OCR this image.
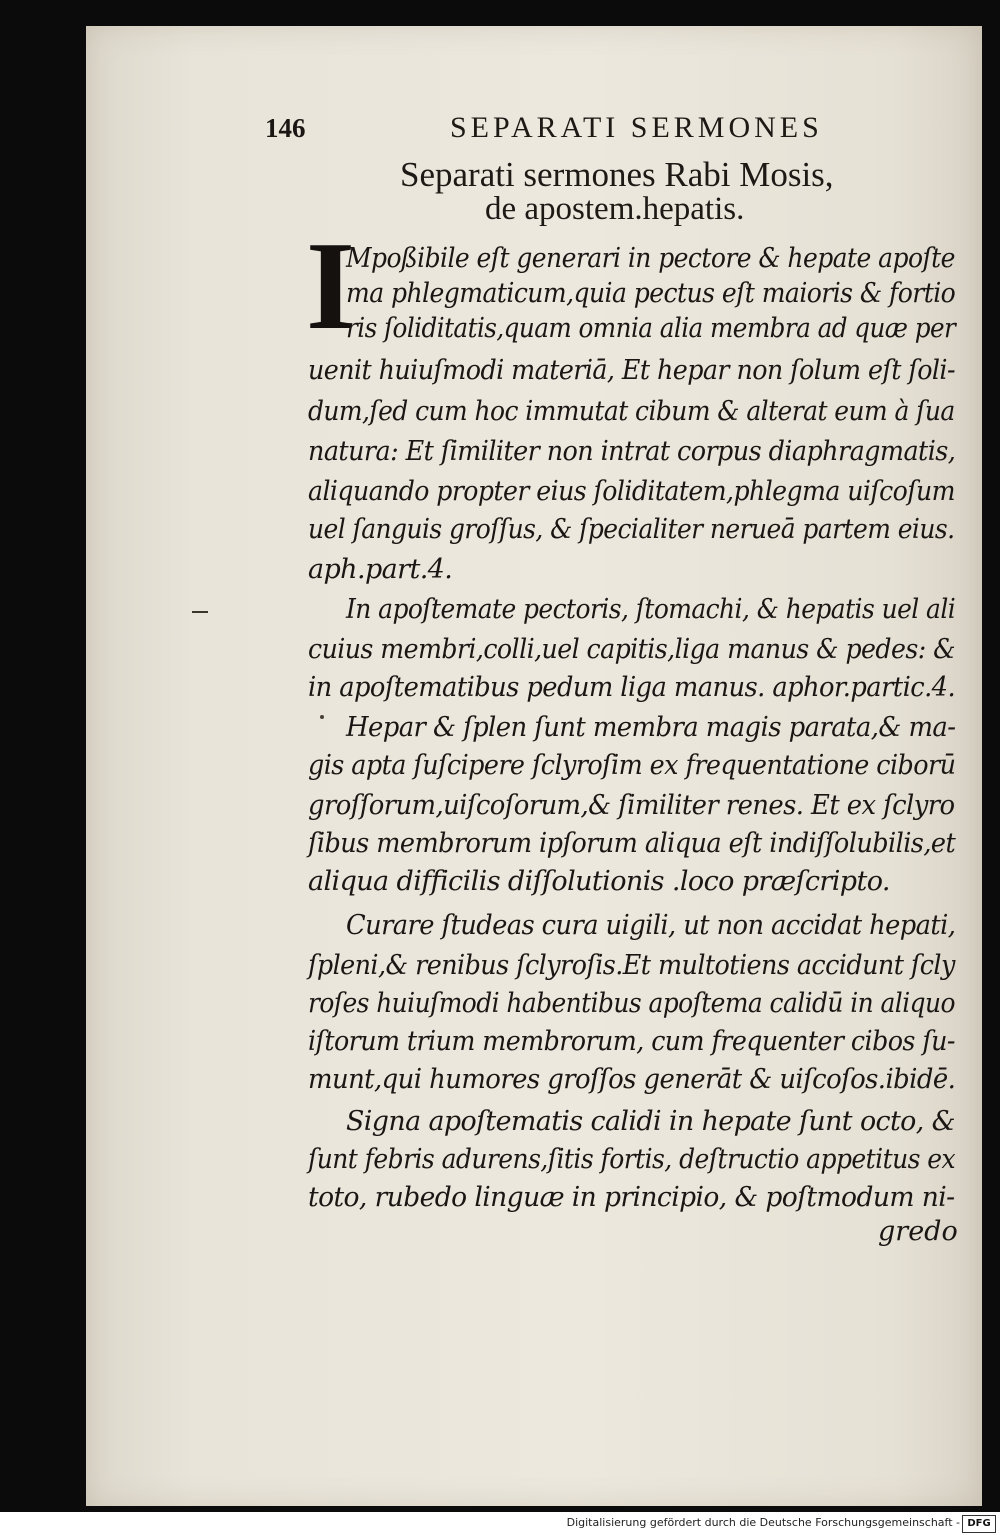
146	SEPARATI SERMONES
Separati sermones Rabi Mosis,
de apostem.hepatis.
I
Mpoßibile eſt generari in pectore & hepate apoſte
ma phlegmaticum,quia pectus eſt maioris & fortio
ris ſoliditatis,quam omnia alia membra ad quæ per
uenit huiuſmodi materiā, Et hepar non ſolum eſt ſoli-
dum,ſed cum hoc immutat cibum & alterat eum à ſua
natura: Et ſimiliter non intrat corpus diaphragmatis,
aliquando propter eius ſoliditatem,phlegma uiſcoſum
uel ſanguis groſſus, & ſpecialiter nerueā partem eius.
aph.part.4.
In apoſtemate pectoris, ſtomachi, & hepatis uel ali
cuius membri,colli,uel capitis,liga manus & pedes: &
in apoſtematibus pedum liga manus. aphor.partic.4.
Hepar & ſplen ſunt membra magis parata,& ma-
gis apta ſuſcipere ſclyroſim ex frequentatione ciborū
groſſorum,uiſcoſorum,& ſimiliter renes. Et ex ſclyro
ſibus membrorum ipſorum aliqua eſt indiſſolubilis,et
aliqua difficilis diſſolutionis .loco præſcripto.
Curare ſtudeas cura uigili, ut non accidat hepati,
ſpleni,& renibus ſclyroſis.Et multotiens accidunt ſcly
roſes huiuſmodi habentibus apoſtema calidū in aliquo
iſtorum trium membrorum, cum frequenter cibos ſu-
munt,qui humores groſſos generāt & uiſcoſos.ibidē.
Signa apoſtematis calidi in hepate ſunt octo, &
ſunt febris adurens,ſitis fortis, deſtructio appetitus ex
toto, rubedo linguæ in principio, & poſtmodum ni-
gredo
Digitalisierung gefördert durch die Deutsche Forschungsgemeinschaft - DFG
